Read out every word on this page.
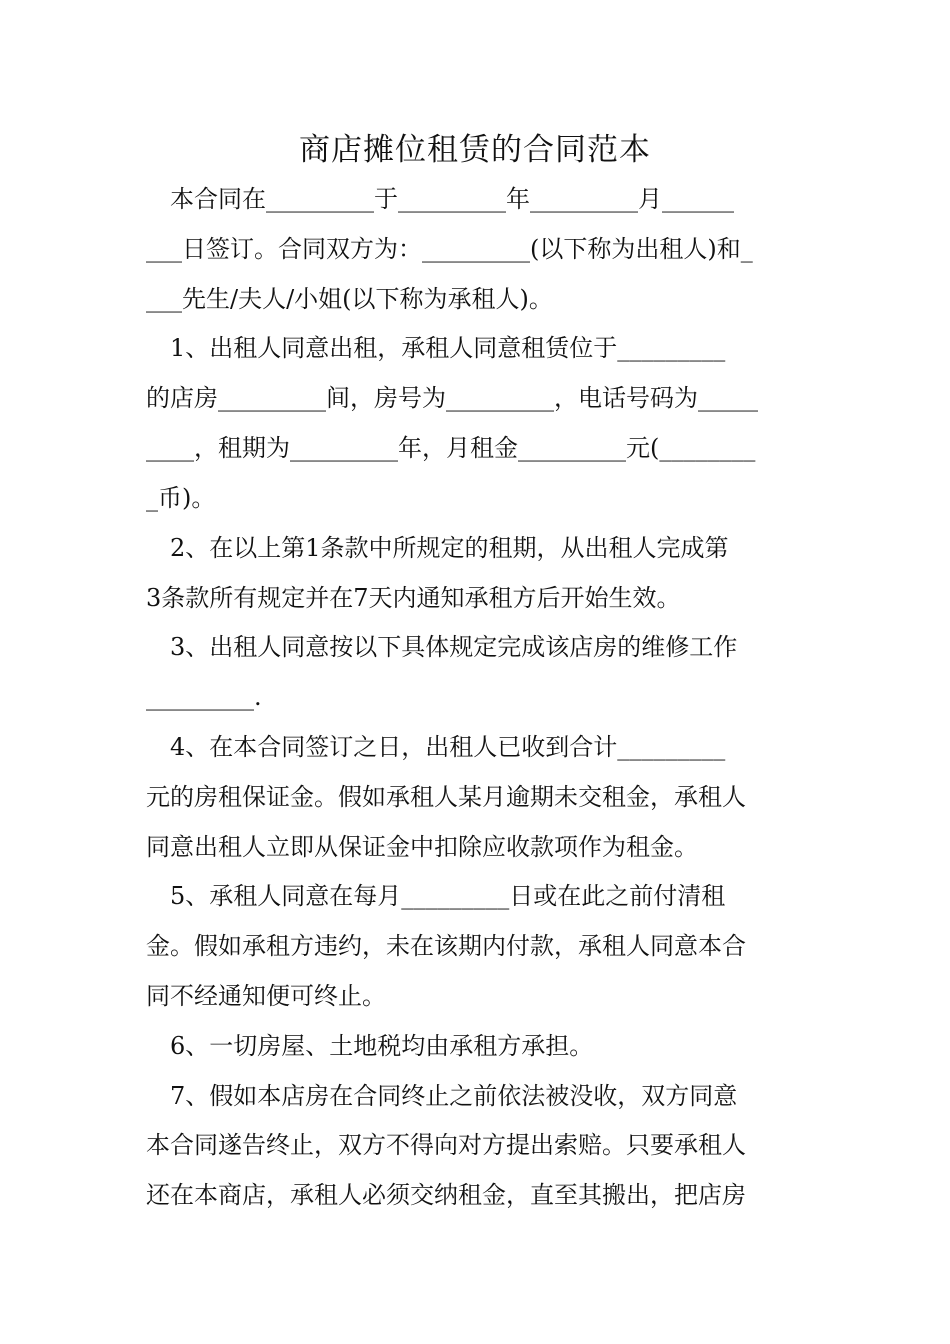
商店摊位租赁的合同范本

　本合同在_________于_________年_________月______

___日签订。合同双方为：_________(以下称为出租人)和_

___先生/夫人/小姐(以下称为承租人)。

　1、出租人同意出租，承租人同意租赁位于_________

的店房_________间，房号为_________，电话号码为_____

____，租期为_________年，月租金_________元(________

_币)。

　2、在以上第1条款中所规定的租期，从出租人完成第

3条款所有规定并在7天内通知承租方后开始生效。

　3、出租人同意按以下具体规定完成该店房的维修工作

_________.

　4、在本合同签订之日，出租人已收到合计_________

元的房租保证金。假如承租人某月逾期未交租金，承租人

同意出租人立即从保证金中扣除应收款项作为租金。

　5、承租人同意在每月_________日或在此之前付清租

金。假如承租方违约，未在该期内付款，承租人同意本合

同不经通知便可终止。

　6、一切房屋、土地税均由承租方承担。

　7、假如本店房在合同终止之前依法被没收，双方同意

本合同遂告终止，双方不得向对方提出索赔。只要承租人

还在本商店，承租人必须交纳租金，直至其搬出，把店房
